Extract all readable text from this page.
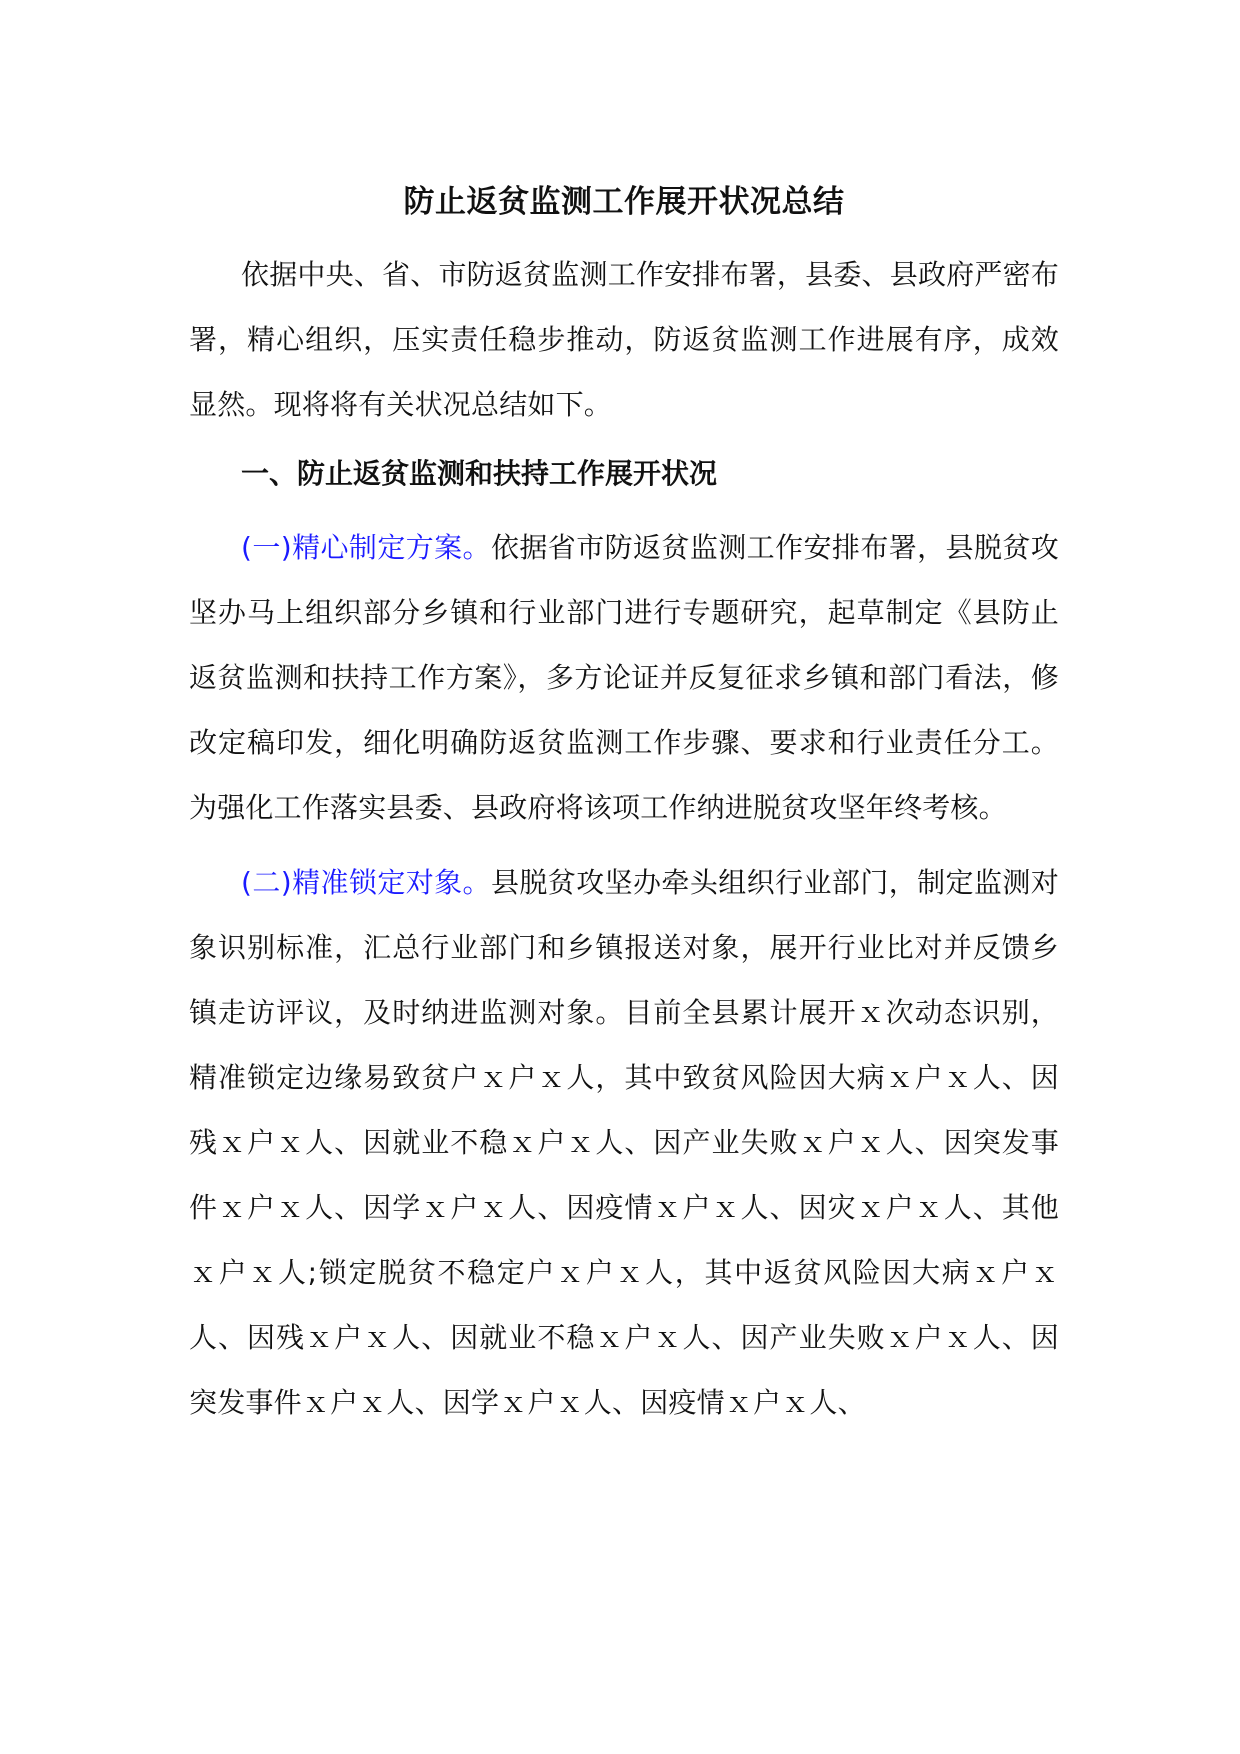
防止返贫监测工作展开状况总结

依据中央、省、市防返贫监测工作安排布署，县委、县政府严密布署，精心组织，压实责任稳步推动，防返贫监测工作进展有序，成效显然。现将将有关状况总结如下。

一、防止返贫监测和扶持工作展开状况

(一)精心制定方案。依据省市防返贫监测工作安排布署，县脱贫攻坚办马上组织部分乡镇和行业部门进行专题研究，起草制定《县防止返贫监测和扶持工作方案》，多方论证并反复征求乡镇和部门看法，修改定稿印发，细化明确防返贫监测工作步骤、要求和行业责任分工。为强化工作落实县委、县政府将该项工作纳进脱贫攻坚年终考核。

(二)精准锁定对象。县脱贫攻坚办牵头组织行业部门，制定监测对象识别标准，汇总行业部门和乡镇报送对象，展开行业比对并反馈乡镇走访评议，及时纳进监测对象。目前全县累计展开ｘ次动态识别，精准锁定边缘易致贫户ｘ户ｘ人，其中致贫风险因大病ｘ户ｘ人、因残ｘ户ｘ人、因就业不稳ｘ户ｘ人、因产业失败ｘ户ｘ人、因突发事件ｘ户ｘ人、因学ｘ户ｘ人、因疫情ｘ户ｘ人、因灾ｘ户ｘ人、其他ｘ户ｘ人;锁定脱贫不稳定户ｘ户ｘ人，其中返贫风险因大病ｘ户ｘ人、因残ｘ户ｘ人、因就业不稳ｘ户ｘ人、因产业失败ｘ户ｘ人、因突发事件ｘ户ｘ人、因学ｘ户ｘ人、因疫情ｘ户ｘ人、
